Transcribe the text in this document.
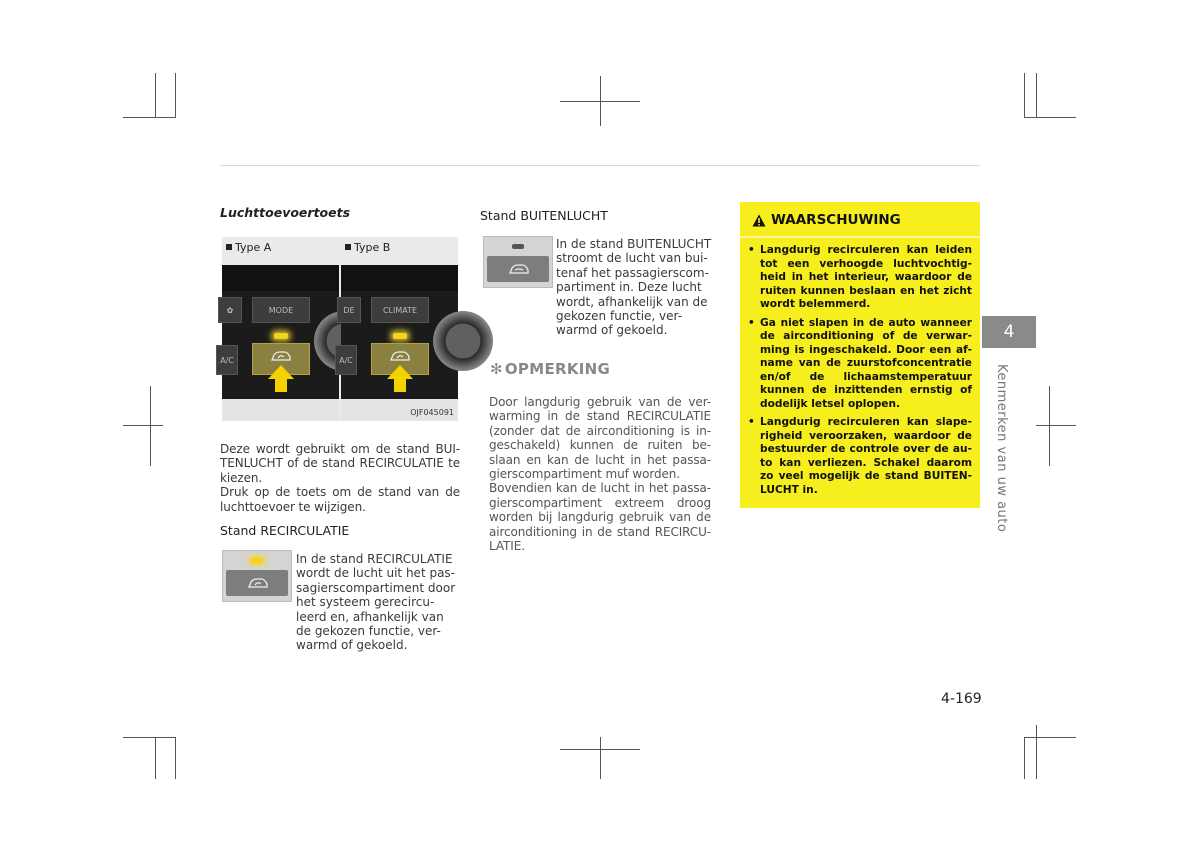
Luchttoevoertoets
Type A
✿	MODE
A/C
Type B
DE	CLIMATE
A/C
OJF045091

Deze wordt gebruikt om de stand BUI- TENLUCHT of de stand RECIRCULATIE te kiezen.

Druk op de toets om de stand van de luchttoevoer te wijzigen.

Stand RECIRCULATIE
In de stand RECIRCULATIE
wordt de lucht uit het pas-
sagierscompartiment door
het systeem gerecircu-
leerd en, afhankelijk van
de gekozen functie, ver-
warmd of gekoeld.
Stand BUITENLUCHT
In de stand BUITENLUCHT
stroomt de lucht van bui-
tenaf het passagierscom-
partiment in. Deze lucht
wordt, afhankelijk van de
gekozen functie, ver-
warmd of gekoeld.
✻ OPMERKING

Door langdurig gebruik van de ver- warming in de stand RECIRCULATIE (zonder dat de airconditioning is in- geschakeld) kunnen de ruiten be- slaan en kan de lucht in het passa- gierscompartiment muf worden.

Bovendien kan de lucht in het passa- gierscompartiment extreem droog worden bij langdurig gebruik van de airconditioning in de stand RECIRCU- LATIE.

WAARSCHUWING
• Langdurig recirculeren kan leiden tot een verhoogde luchtvochtig- heid in het interieur, waardoor de ruiten kunnen beslaan en het zicht wordt belemmerd.
• Ga niet slapen in de auto wanneer de airconditioning of de verwar- ming is ingeschakeld. Door een af- name van de zuurstofconcentratie en/of de lichaamstemperatuur kunnen de inzittenden ernstig of dodelijk letsel oplopen.
• Langdurig recirculeren kan slape- righeid veroorzaken, waardoor de bestuurder de controle over de au- to kan verliezen. Schakel daarom zo veel mogelijk de stand BUITEN- LUCHT in.
4
Kenmerken van uw auto
4-169
